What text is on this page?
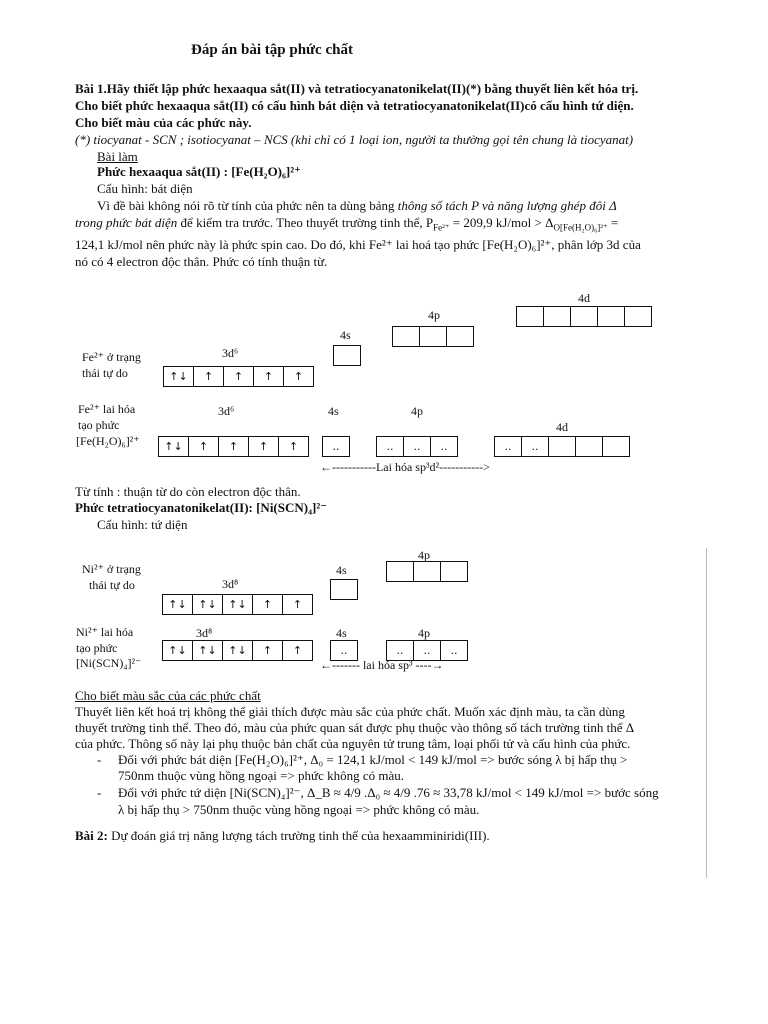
Đáp án bài tập phức chất
Bài 1.Hãy thiết lập phức hexaaqua sắt(II) và tetratiocyanatonikelat(II)(*) bằng thuyết liên kết hóa trị.
Cho biết phức hexaaqua sắt(II) có cấu hình bát diện và tetratiocyanatonikelat(II)có cấu hình tứ diện.
Cho biết màu của các phức này.
(*) tiocyanat - SCN ; isotiocyanat – NCS (khi chỉ có 1 loại ion, người ta thường gọi tên chung là tiocyanat)
Bài làm
Phức hexaaqua sắt(II) : [Fe(H₂O)₆]²⁺
Cấu hình: bát diện
Vì đề bài không nói rõ từ tính của phức nên ta dùng bảng thông số tách P và năng lượng ghép đôi Δ
trong phức bát diện để kiểm tra trước. Theo thuyết trường tinh thể, $P_{Fe^{2+}} = 209,9$ $kJ/mol > \Delta_{O[Fe(H_2O)_6]^{2+}}$ =
124,1 kJ/mol nên phức này là phức spin cao. Do đó, khi Fe²⁺ lai hoá tạo phức [Fe(H₂O)₆]²⁺, phân lớp 3d của
nó có 4 electron độc thân. Phức có tính thuận từ.
Fe²⁺ ở trạng
thái tự do
3d⁶
↑↓	↑	↑	↑	↑
4s
4p
4d
Fe²⁺ lai hóa
tạo phức
[Fe(H₂O)₆]²⁺
3d⁶
↑↓	↑	↑	↑	↑
4s
..
4p
..	..	..
4d
..	..
←-----------Lai hóa sp³d²----------->
Từ tính : thuận từ do còn electron độc thân.
Phức tetratiocyanatonikelat(II): [Ni(SCN)₄]²⁻
Cấu hình: tứ diện
Ni²⁺ ở trạng
thái tự do	3d⁸
↑↓	↑↓	↑↓	↑	↑
4s
4p
Ni²⁺ lai hóa
tạo phức
[Ni(SCN)₄]²⁻
3d⁸
↑↓	↑↓	↑↓	↑	↑
4s
..
4p
..	..	..
←------- lai hóa sp³ ----→
Cho biết màu sắc của các phức chất
Thuyết liên kết hoá trị không thể giải thích được màu sắc của phức chất. Muốn xác định màu, ta cần dùng
thuyết trường tinh thể. Theo đó, màu của phức quan sát được phụ thuộc vào thông số tách trường tinh thể Δ
của phức. Thông số này lại phụ thuộc bản chất của nguyên tử trung tâm, loại phối tử và cấu hình của phức.
- Đối với phức bát diện [Fe(H₂O)₆]²⁺, Δ₀ = 124,1 kJ/mol < 149 kJ/mol => bước sóng λ bị hấp thụ >
750nm thuộc vùng hồng ngoại => phức không có màu.
- Đối với phức tứ diện [Ni(SCN)₄]²⁻, Δ_B ≈ 4/9 .Δ₀ ≈ 4/9 .76 ≈ 33,78 kJ/mol < 149 kJ/mol => bước sóng
λ bị hấp thụ > 750nm thuộc vùng hồng ngoại => phức không có màu.
Bài 2: Dự đoán giá trị năng lượng tách trường tinh thể của hexaamminiridi(III).
